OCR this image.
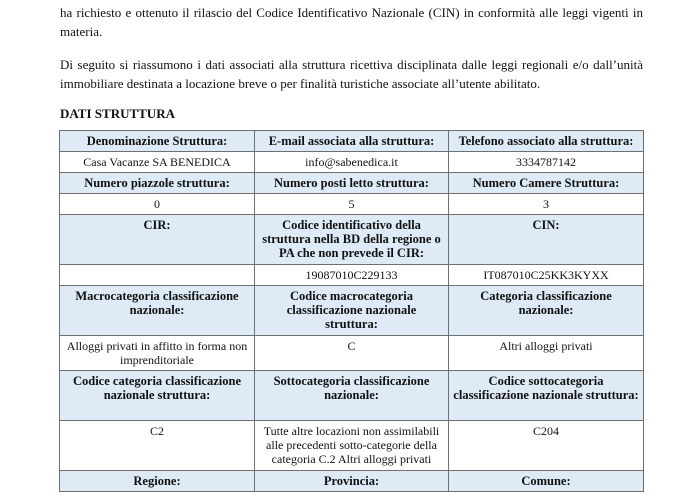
ha richiesto e ottenuto il rilascio del Codice Identificativo Nazionale (CIN) in conformità alle leggi vigenti in materia.

Di seguito si riassumono i dati associati alla struttura ricettiva disciplinata dalle leggi regionali e/o dall’unità immobiliare destinata a locazione breve o per finalità turistiche associate all’utente abilitato.

DATI STRUTTURA

Denominazione Struttura:	E-mail associata alla struttura:	Telefono associato alla struttura:
Casa Vacanze SA BENEDICA	info@sabenedica.it	3334787142
Numero piazzole struttura:	Numero posti letto struttura:	Numero Camere Struttura:
0	5	3
CIR:	Codice identificativo della struttura nella BD della regione o PA che non prevede il CIR:	CIN:
	19087010C229133	IT087010C25KK3KYXX
Macrocategoria classificazione nazionale:	Codice macrocategoria classificazione nazionale struttura:	Categoria classificazione nazionale:
Alloggi privati in affitto in forma non imprenditoriale	C	Altri alloggi privati
Codice categoria classificazione nazionale struttura:	Sottocategoria classificazione nazionale:	Codice sottocategoria classificazione nazionale struttura:
C2	Tutte altre locazioni non assimilabili alle precedenti sotto-categorie della categoria C.2 Altri alloggi privati	C204
Regione:	Provincia:	Comune:
